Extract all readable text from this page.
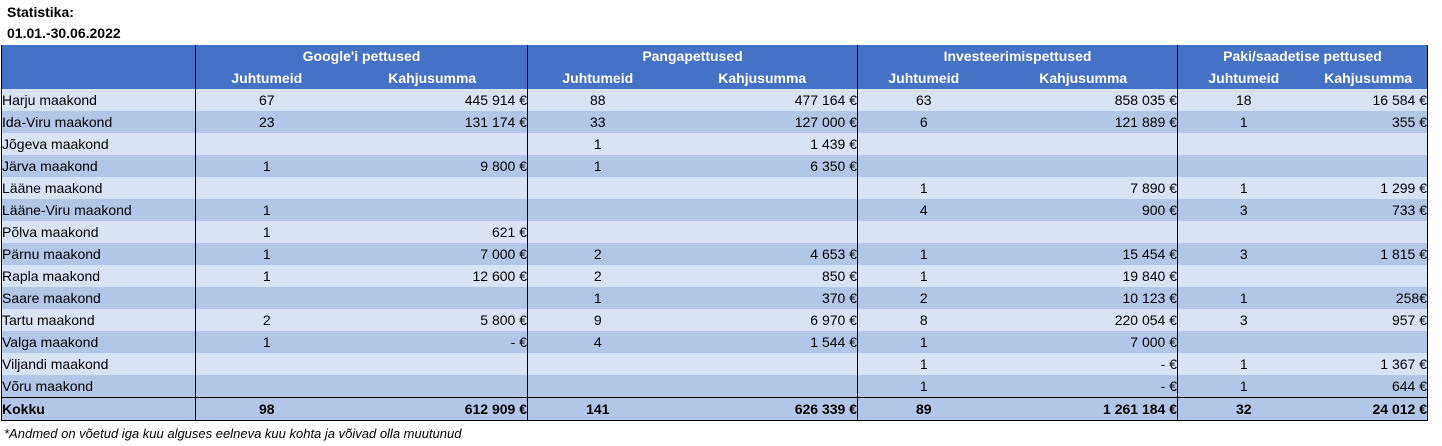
Statistika:
01.01.-30.06.2022
	Google'i pettused		Pangapettused		Investeerimispettused		Paki/saadetise pettused	
	Juhtumeid	Kahjusumma	Juhtumeid	Kahjusumma	Juhtumeid	Kahjusumma	Juhtumeid	Kahjusumma
Harju maakond	67	445 914 €	88	477 164 €	63	858 035 €	18	16 584 €
Ida-Viru maakond	23	131 174 €	33	127 000 €	6	121 889 €	1	355 €
Jõgeva maakond			1	1 439 €				
Järva maakond	1	9 800 €	1	6 350 €				
Lääne maakond					1	7 890 €	1	1 299 €
Lääne-Viru maakond	1				4	900 €	3	733 €
Põlva maakond	1	621 €						
Pärnu maakond	1	7 000 €	2	4 653 €	1	15 454 €	3	1 815 €
Rapla maakond	1	12 600 €	2	850 €	1	19 840 €		
Saare maakond			1	370 €	2	10 123 €	1	258€
Tartu maakond	2	5 800 €	9	6 970 €	8	220 054 €	3	957 €
Valga maakond	1	- €	4	1 544 €	1	7 000 €		
Viljandi maakond					1	- €	1	1 367 €
Võru maakond					1	- €	1	644 €
Kokku	98	612 909 €	141	626 339 €	89	1 261 184 €	32	24 012 €
*Andmed on võetud iga kuu alguses eelneva kuu kohta ja võivad olla muutunud
